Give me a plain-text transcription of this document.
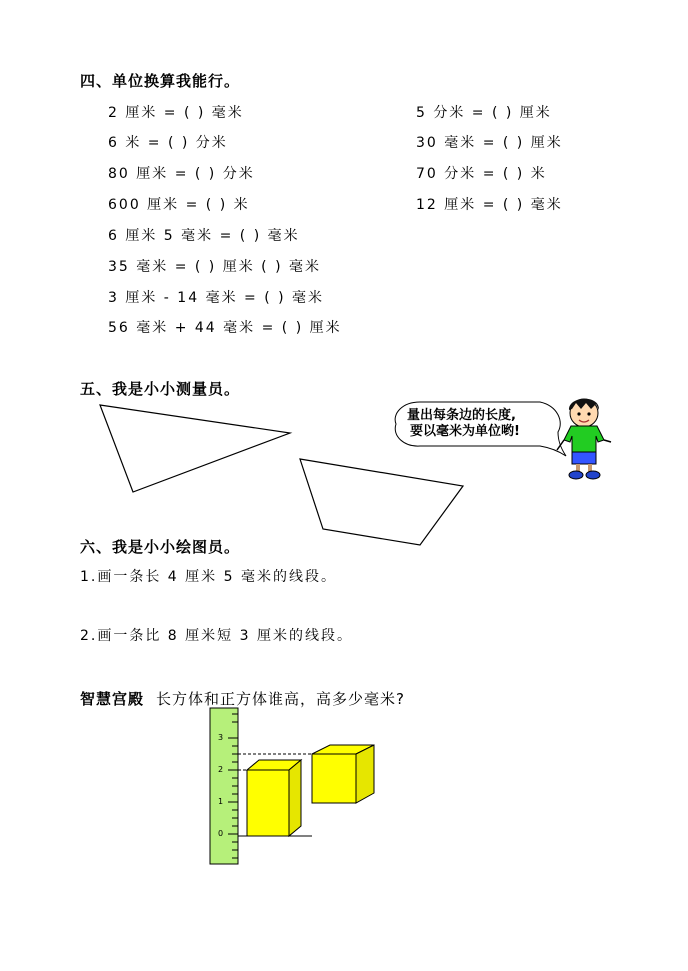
四、单位换算我能行。
2 厘米 = ( ) 毫米
6 米 = ( ) 分米
80 厘米 = ( ) 分米
600 厘米 = ( ) 米
6 厘米 5 毫米 = ( ) 毫米
35 毫米 = ( ) 厘米 ( ) 毫米
3 厘米 - 14 毫米 = ( ) 毫米
56 毫米 + 44 毫米 = ( ) 厘米
5 分米 = ( ) 厘米
30 毫米 = ( ) 厘米
70 分米 = ( ) 米
12 厘米 = ( ) 毫米
五、我是小小测量员。
量出每条边的长度,
要以毫米为单位哟!
3
2
1
0
六、我是小小绘图员。
1.画一条长 4 厘米 5 毫米的线段。
2.画一条比 8 厘米短 3 厘米的线段。
智慧宫殿 长方体和正方体谁高，高多少毫米?
